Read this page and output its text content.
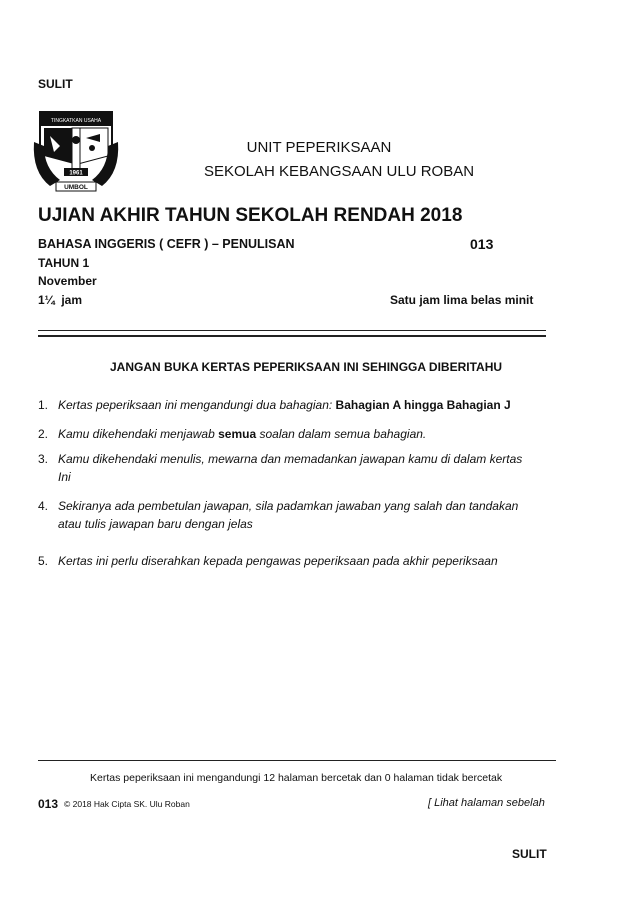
SULIT
TINGKATKAN USAHA
1961
UMBOL
UNIT PEPERIKSAAN
SEKOLAH KEBANGSAAN ULU ROBAN
UJIAN AKHIR TAHUN SEKOLAH RENDAH 2018
BAHASA INGGERIS ( CEFR ) – PENULISAN	013
TAHUN 1
November
1¼  jam	Satu jam lima belas minit
JANGAN BUKA KERTAS PEPERIKSAAN INI SEHINGGA DIBERITAHU
1. Kertas peperiksaan ini mengandungi dua bahagian: Bahagian A hingga Bahagian J
2. Kamu dikehendaki menjawab semua soalan dalam semua bahagian.
3. Kamu dikehendaki menulis, mewarna dan memadankan jawapan kamu di dalam kertas
Ini
4. Sekiranya ada pembetulan jawapan, sila padamkan jawaban yang salah dan tandakan
atau tulis jawapan baru dengan jelas
5. Kertas ini perlu diserahkan kepada pengawas peperiksaan pada akhir peperiksaan
Kertas peperiksaan ini mengandungi 12 halaman bercetak dan 0 halaman tidak bercetak
013 © 2018 Hak Cipta SK. Ulu Roban	[ Lihat halaman sebelah
SULIT
